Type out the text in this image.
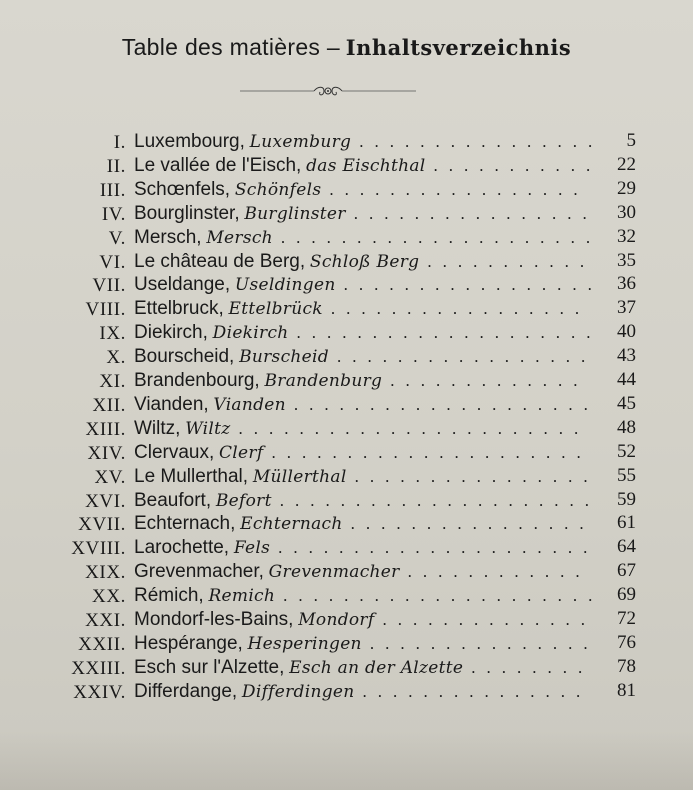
Table des matières – Inhaltsverzeichnis
I. Luxembourg, Luxemburg ................ 5
II. Le vallée de l'Eisch, das Eischthal ........... 22
III. Schœnfels, Schönfels ................. 29
IV. Bourglinster, Burglinster ................ 30
V. Mersch, Mersch ..................... 32
VI. Le château de Berg, Schloß Berg ........... 35
VII. Useldange, Useldingen ................. 36
VIII. Ettelbruck, Ettelbrück ................. 37
IX. Diekirch, Diekirch .................... 40
X. Bourscheid, Burscheid ................. 43
XI. Brandenbourg, Brandenburg ............. 44
XII. Vianden, Vianden .................... 45
XIII. Wiltz, Wiltz ....................... 48
XIV. Clervaux, Clerf ..................... 52
XV. Le Mullerthal, Müllerthal ................ 55
XVI. Beaufort, Befort ..................... 59
XVII. Echternach, Echternach ................ 61
XVIII. Larochette, Fels ..................... 64
XIX. Grevenmacher, Grevenmacher ............ 67
XX. Rémich, Remich ..................... 69
XXI. Mondorf-les-Bains, Mondorf .............. 72
XXII. Hespérange, Hesperingen ............... 76
XXIII. Esch sur l'Alzette, Esch an der Alzette ........ 78
XXIV. Differdange, Differdingen ............... 81
